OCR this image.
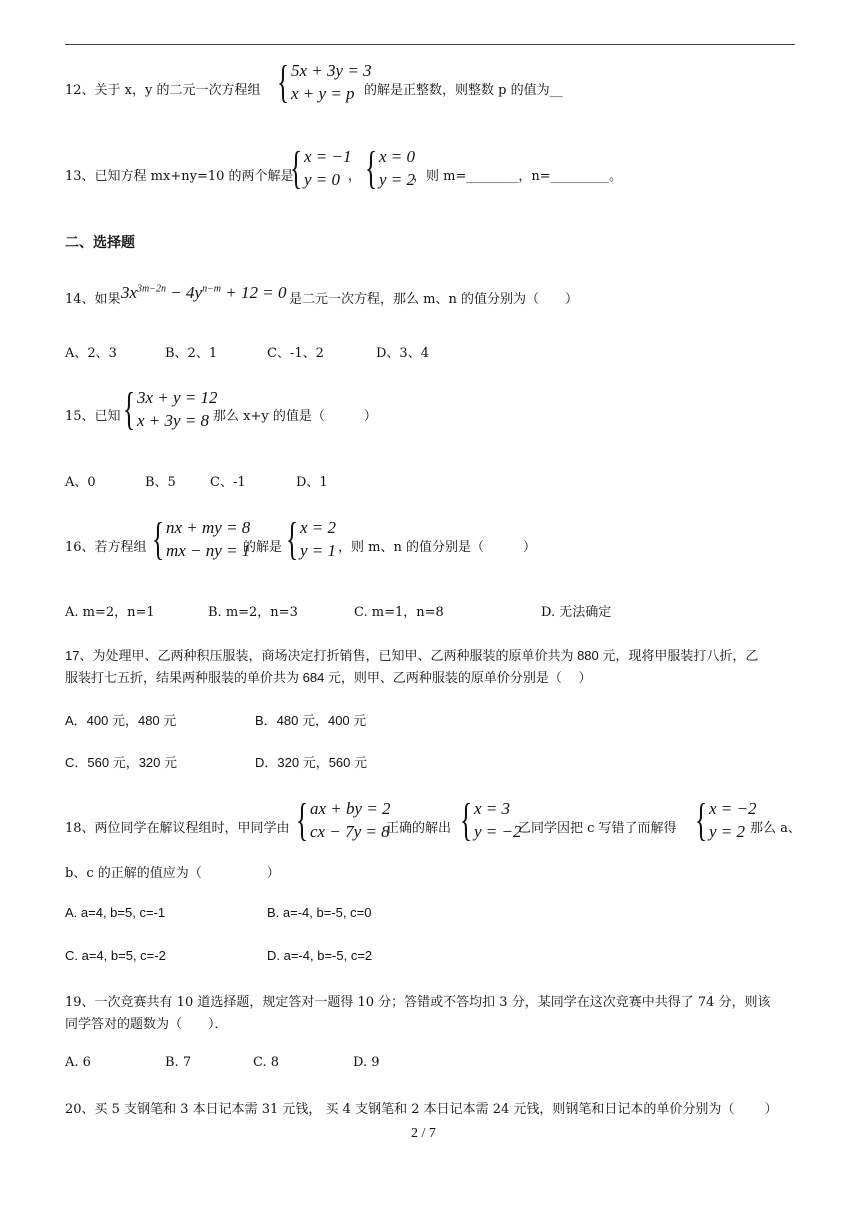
12、关于 x，y 的二元一次方程组 { 5x + 3y = 3
x + y = p 的解是正整数，则整数 p 的值为__
13、已知方程 mx+ny=10 的两个解是
{ x = −1
y = 0 ， { x = 0
y = 2
，则 m=________，n=_________。
二、选择题
14、如果 $3x^{3m-2n} - 4y^{n-m} + 12 = 0$ 是二元一次方程，那么 m、n 的值分别为（　　）
A、2、3	B、2、1	C、-1、2	D、3、4
15、已知 { 3x + y = 12
x + 3y = 8 那么 x+y 的值是（　　　）
A、0	B、5	C、-1	D、1
16、若方程组 { nx + my = 8
mx − ny = 1
的解是 { x = 2
y = 1 ，则 m、n 的值分别是（　　　）
A. m=2，n=1	B. m=2，n=3	C. m=1，n=8	D. 无法确定
17、为处理甲、乙两种积压服装，商场决定打折销售，已知甲、乙两种服装的原单价共为 880 元，现将甲服装打八折，乙
服装打七五折，结果两种服装的单价共为 684 元，则甲、乙两种服装的原单价分别是（　 ）
A．400 元，480 元	B．480 元，400 元
C．560 元，320 元	D．320 元，560 元
18、两位同学在解议程组时，甲同学由 { ax + by = 2
cx − 7y = 8
正确的解出 { x = 3
y = −2
乙同学因把 c 写错了而解得 { x = −2
y = 2 那么 a、
b、c 的正解的值应为（　　　　　）
A. a=4, b=5, c=-1	B. a=-4, b=-5, c=0
C. a=4, b=5, c=-2	D. a=-4, b=-5, c=2
19、一次竞赛共有 10 道选择题，规定答对一题得 10 分；答错或不答均扣 3 分，某同学在这次竞赛中共得了 74 分，则该
同学答对的题数为（　　）．
A. 6	B. 7	C. 8	D. 9
20、买 5 支钢笔和 3 本日记本需 31 元钱， 买 4 支钢笔和 2 本日记本需 24 元钱，则钢笔和日记本的单价分别为（　　 ）
2 / 7
